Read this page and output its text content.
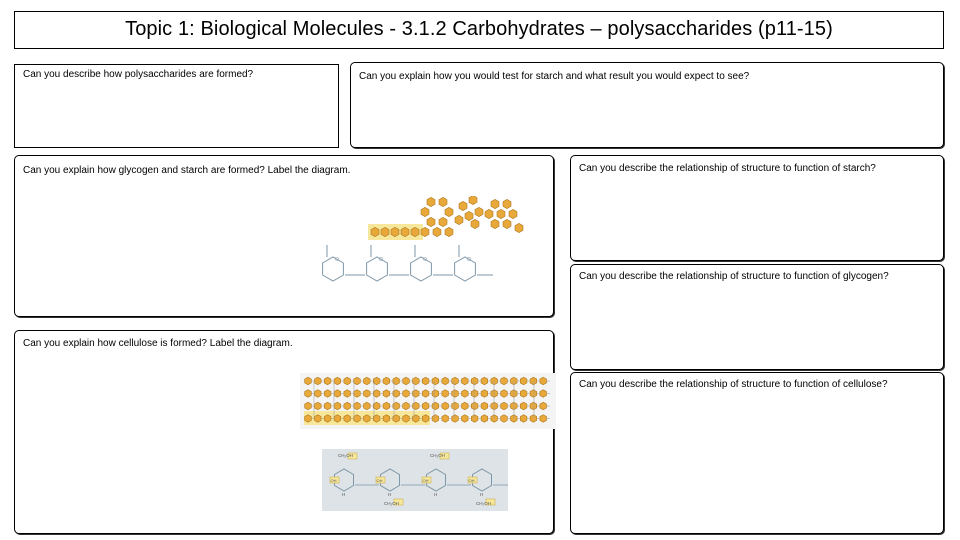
Topic 1: Biological Molecules - 3.1.2 Carbohydrates – polysaccharides (p11-15)
Can you describe how polysaccharides are formed?	Can you explain how you would test for starch and what result you would expect to see?
Can you explain how glycogen and starch are formed? Label the diagram.
O	O	O	O
Can you describe the relationship of structure to function of starch?
Can you describe the relationship of structure to function of glycogen?
Can you explain how cellulose is formed? Label the diagram.
CH₂OH
OH
H
CH₂OH
OH
H
CH₂OH
OH
H
CH₂OH
OH
H
Can you describe the relationship of structure to function of cellulose?
